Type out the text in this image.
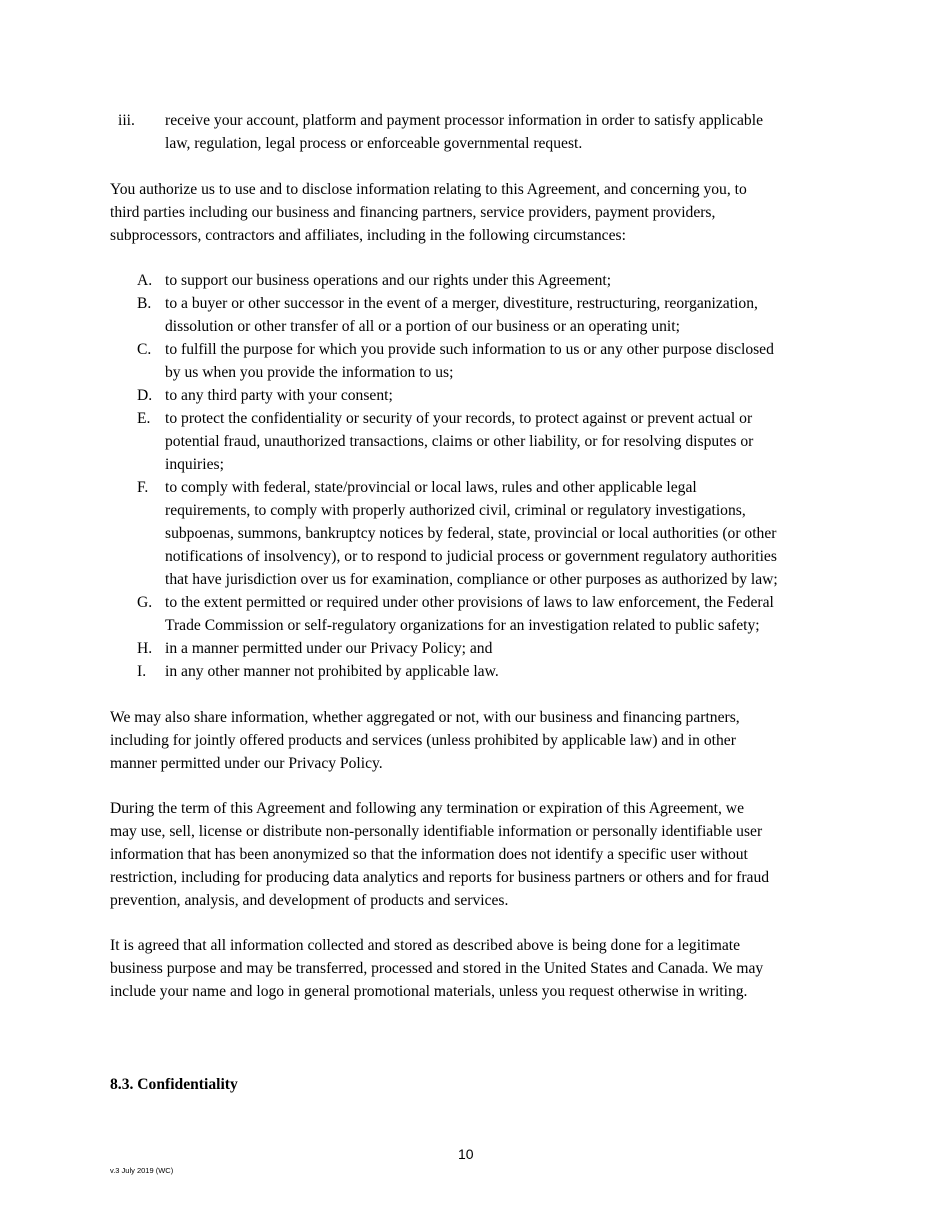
iii. receive your account, platform and payment processor information in order to satisfy applicable
law, regulation, legal process or enforceable governmental request.
You authorize us to use and to disclose information relating to this Agreement, and concerning you, to
third parties including our business and financing partners, service providers, payment providers,
subprocessors, contractors and affiliates, including in the following circumstances:
A. to support our business operations and our rights under this Agreement;
B. to a buyer or other successor in the event of a merger, divestiture, restructuring, reorganization,
dissolution or other transfer of all or a portion of our business or an operating unit;
C. to fulfill the purpose for which you provide such information to us or any other purpose disclosed
by us when you provide the information to us;
D. to any third party with your consent;
E. to protect the confidentiality or security of your records, to protect against or prevent actual or
potential fraud, unauthorized transactions, claims or other liability, or for resolving disputes or
inquiries;
F. to comply with federal, state/provincial or local laws, rules and other applicable legal
requirements, to comply with properly authorized civil, criminal or regulatory investigations,
subpoenas, summons, bankruptcy notices by federal, state, provincial or local authorities (or other
notifications of insolvency), or to respond to judicial process or government regulatory authorities
that have jurisdiction over us for examination, compliance or other purposes as authorized by law;
G. to the extent permitted or required under other provisions of laws to law enforcement, the Federal
Trade Commission or self-regulatory organizations for an investigation related to public safety;
H. in a manner permitted under our Privacy Policy; and
I. in any other manner not prohibited by applicable law.
We may also share information, whether aggregated or not, with our business and financing partners,
including for jointly offered products and services (unless prohibited by applicable law) and in other
manner permitted under our Privacy Policy.
During the term of this Agreement and following any termination or expiration of this Agreement, we
may use, sell, license or distribute non-personally identifiable information or personally identifiable user
information that has been anonymized so that the information does not identify a specific user without
restriction, including for producing data analytics and reports for business partners or others and for fraud
prevention, analysis, and development of products and services.
It is agreed that all information collected and stored as described above is being done for a legitimate
business purpose and may be transferred, processed and stored in the United States and Canada. We may
include your name and logo in general promotional materials, unless you request otherwise in writing.
8.3. Confidentiality
10
v.3 July 2019 (WC)
